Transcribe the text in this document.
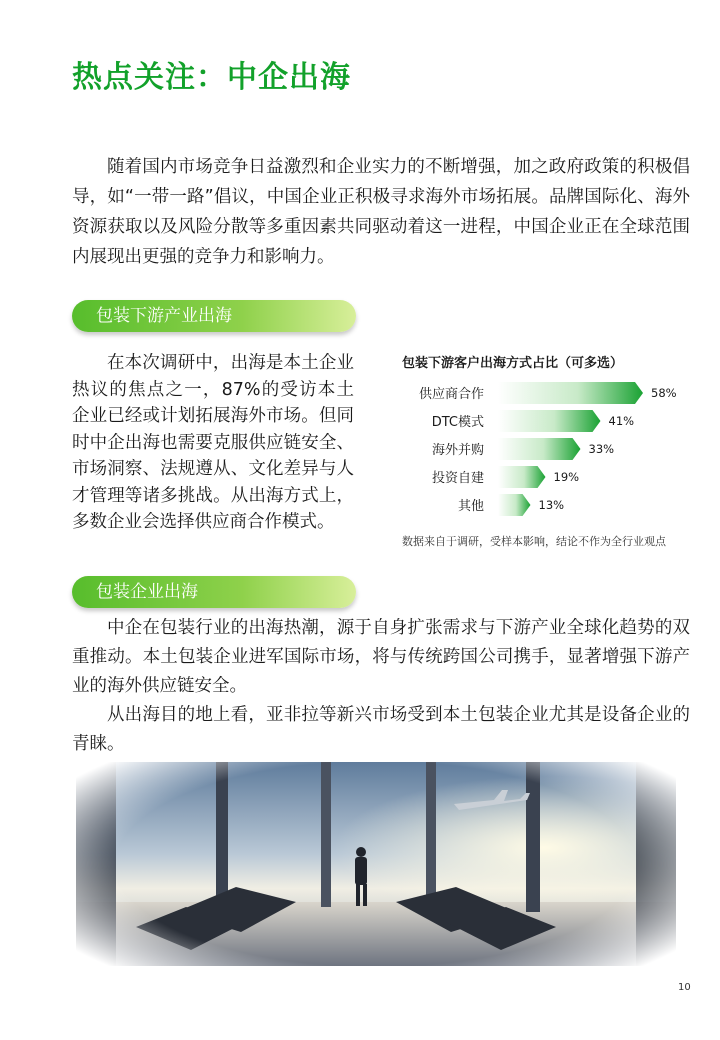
热点关注：中企出海

随着国内市场竞争日益激烈和企业实力的不断增强，加之政府政策的积极倡导，如“一带一路”倡议，中国企业正积极寻求海外市场拓展。品牌国际化、海外资源获取以及风险分散等多重因素共同驱动着这一进程，中国企业正在全球范围内展现出更强的竞争力和影响力。

包装下游产业出海

在本次调研中，出海是本土企业热议的焦点之一，87%的受访本土企业已经或计划拓展海外市场。但同时中企出海也需要克服供应链安全、市场洞察、法规遵从、文化差异与人才管理等诸多挑战。从出海方式上，多数企业会选择供应商合作模式。

包装下游客户出海方式占比（可多选）
供应商合作	58%
DTC模式	41%
海外并购	33%
投资自建	19%
其他	13%
数据来自于调研，受样本影响，结论不作为全行业观点
包装企业出海

中企在包装行业的出海热潮，源于自身扩张需求与下游产业全球化趋势的双重推动。本土包装企业进军国际市场，将与传统跨国公司携手，显著增强下游产业的海外供应链安全。

从出海目的地上看，亚非拉等新兴市场受到本土包装企业尤其是设备企业的青睐。

10
